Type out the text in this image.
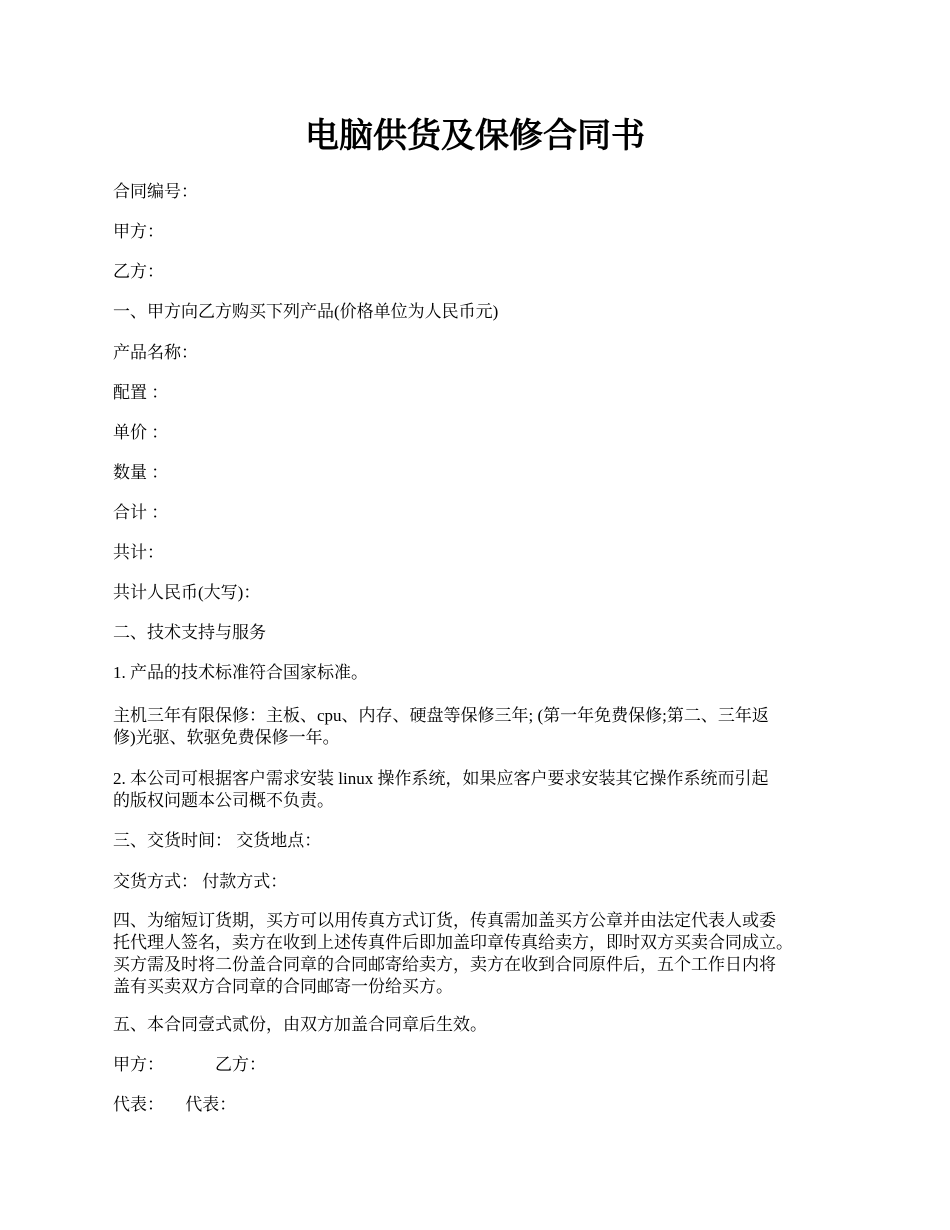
电脑供货及保修合同书

合同编号：

甲方：

乙方：

一、甲方向乙方购买下列产品(价格单位为人民币元)

产品名称：

配置 ：

单价 ：

数量 ：

合计 ：

共计：

共计人民币(大写)：

二、技术支持与服务

1. 产品的技术标准符合国家标准。

主机三年有限保修：主板、cpu、内存、硬盘等保修三年; (第一年免费保修;第二、三年返
修)光驱、软驱免费保修一年。

2. 本公司可根据客户需求安装 linux 操作系统，如果应客户要求安装其它操作系统而引起
的版权问题本公司概不负责。

三、交货时间： 交货地点：

交货方式： 付款方式：

四、为缩短订货期，买方可以用传真方式订货，传真需加盖买方公章并由法定代表人或委
托代理人签名，卖方在收到上述传真件后即加盖印章传真给卖方，即时双方买卖合同成立。
买方需及时将二份盖合同章的合同邮寄给卖方，卖方在收到合同原件后，五个工作日内将
盖有买卖双方合同章的合同邮寄一份给买方。

五、本合同壹式贰份，由双方加盖合同章后生效。

甲方：            乙方：

代表：     代表：
